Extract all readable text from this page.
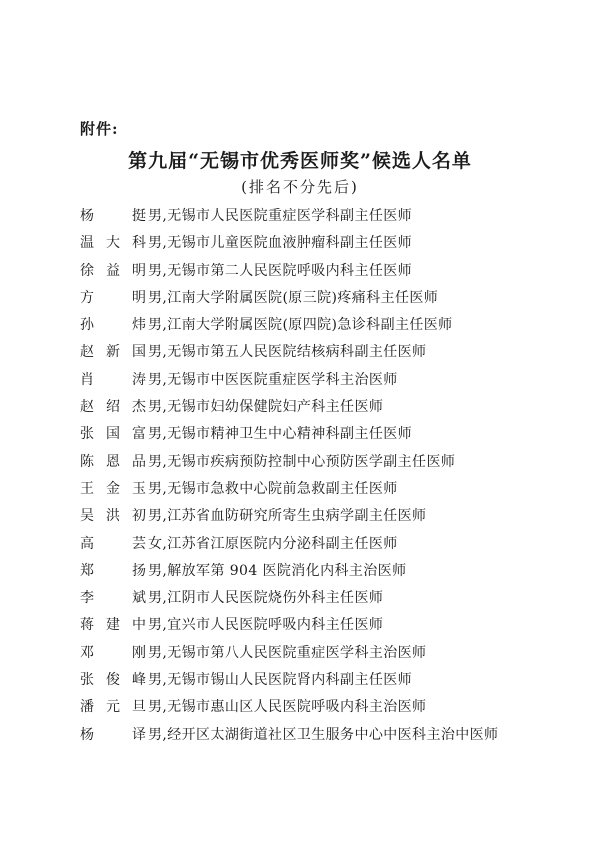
附件:
第九届“无锡市优秀医师奖”候选人名单
(排名不分先后)
杨 挺 男,无锡市人民医院重症医学科副主任医师
温大科 男,无锡市儿童医院血液肿瘤科副主任医师
徐益明 男,无锡市第二人民医院呼吸内科主任医师
方 明 男,江南大学附属医院(原三院)疼痛科主任医师
孙 炜 男,江南大学附属医院(原四院)急诊科副主任医师
赵新国 男,无锡市第五人民医院结核病科副主任医师
肖 涛 男,无锡市中医医院重症医学科主治医师
赵绍杰 男,无锡市妇幼保健院妇产科主任医师
张国富 男,无锡市精神卫生中心精神科副主任医师
陈恩品 男,无锡市疾病预防控制中心预防医学副主任医师
王金玉 男,无锡市急救中心院前急救副主任医师
吴洪初 男,江苏省血防研究所寄生虫病学副主任医师
高 芸 女,江苏省江原医院内分泌科副主任医师
郑 扬 男,解放军第 904 医院消化内科主治医师
李 斌 男,江阴市人民医院烧伤外科主任医师
蒋建中 男,宜兴市人民医院呼吸内科主任医师
邓 刚 男,无锡市第八人民医院重症医学科主治医师
张俊峰 男,无锡市锡山人民医院肾内科副主任医师
潘元旦 男,无锡市惠山区人民医院呼吸内科主治医师
杨 译 男,经开区太湖街道社区卫生服务中心中医科主治中医师
